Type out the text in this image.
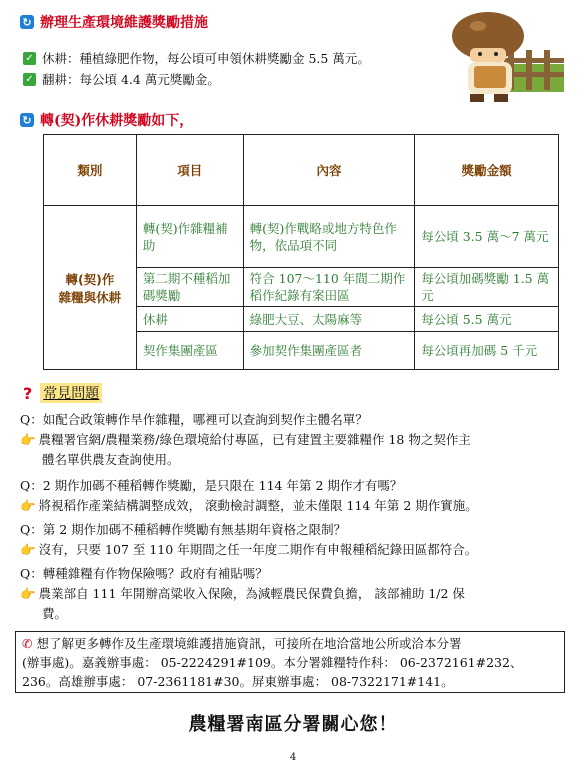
↻ 辦理生產環境維護獎勵措施
✓ 休耕：種植綠肥作物，每公頃可申領休耕獎勵金 5.5 萬元。
✓ 翻耕：每公頃 4.4 萬元獎勵金。
↻ 轉(契)作休耕獎勵如下，
類別	項目	內容	獎勵金額

轉(契)作
雜糧與休耕	轉(契)作雜糧補助	轉(契)作戰略或地方特色作物，依品項不同	每公頃 3.5 萬～7 萬元
	第二期不種稻加碼獎勵	符合 107～110 年間二期作稻作紀錄有案田區	每公頃加碼獎勵 1.5 萬元
	休耕	綠肥大豆、太陽麻等	每公頃 5.5 萬元
	契作集團產區	參加契作集團產區者	每公頃再加碼 5 千元
? 常見問題
Q：如配合政策轉作旱作雜糧，哪裡可以查詢到契作主體名單？
👉 農糧署官網/農糧業務/綠色環境給付專區，已有建置主要雜糧作 18 物之契作主
體名單供農友查詢使用。
Q：2 期作加碼不種稻轉作獎勵，是只限在 114 年第 2 期作才有嗎？
👉 將視稻作產業結構調整成效， 滾動檢討調整，並未僅限 114 年第 2 期作實施。
Q：第 2 期作加碼不種稻轉作獎勵有無基期年資格之限制？
👉 沒有，只要 107 至 110 年期間之任一年度二期作有申報種稻紀錄田區都符合。
Q：轉種雜糧有作物保險嗎？政府有補貼嗎？
👉 農業部自 111 年開辦高粱收入保險，為減輕農民保費負擔， 該部補助 1/2 保
費。
✆ 想了解更多轉作及生產環境維護措施資訊，可接所在地洽當地公所或洽本分署
(辦事處)。嘉義辦事處： 05-2224291#109。本分署雜糧特作科： 06-2372161#232、
236。高雄辦事處： 07-2361181#30。屏東辦事處： 08-7322171#141。
農糧署南區分署關心您！
4
